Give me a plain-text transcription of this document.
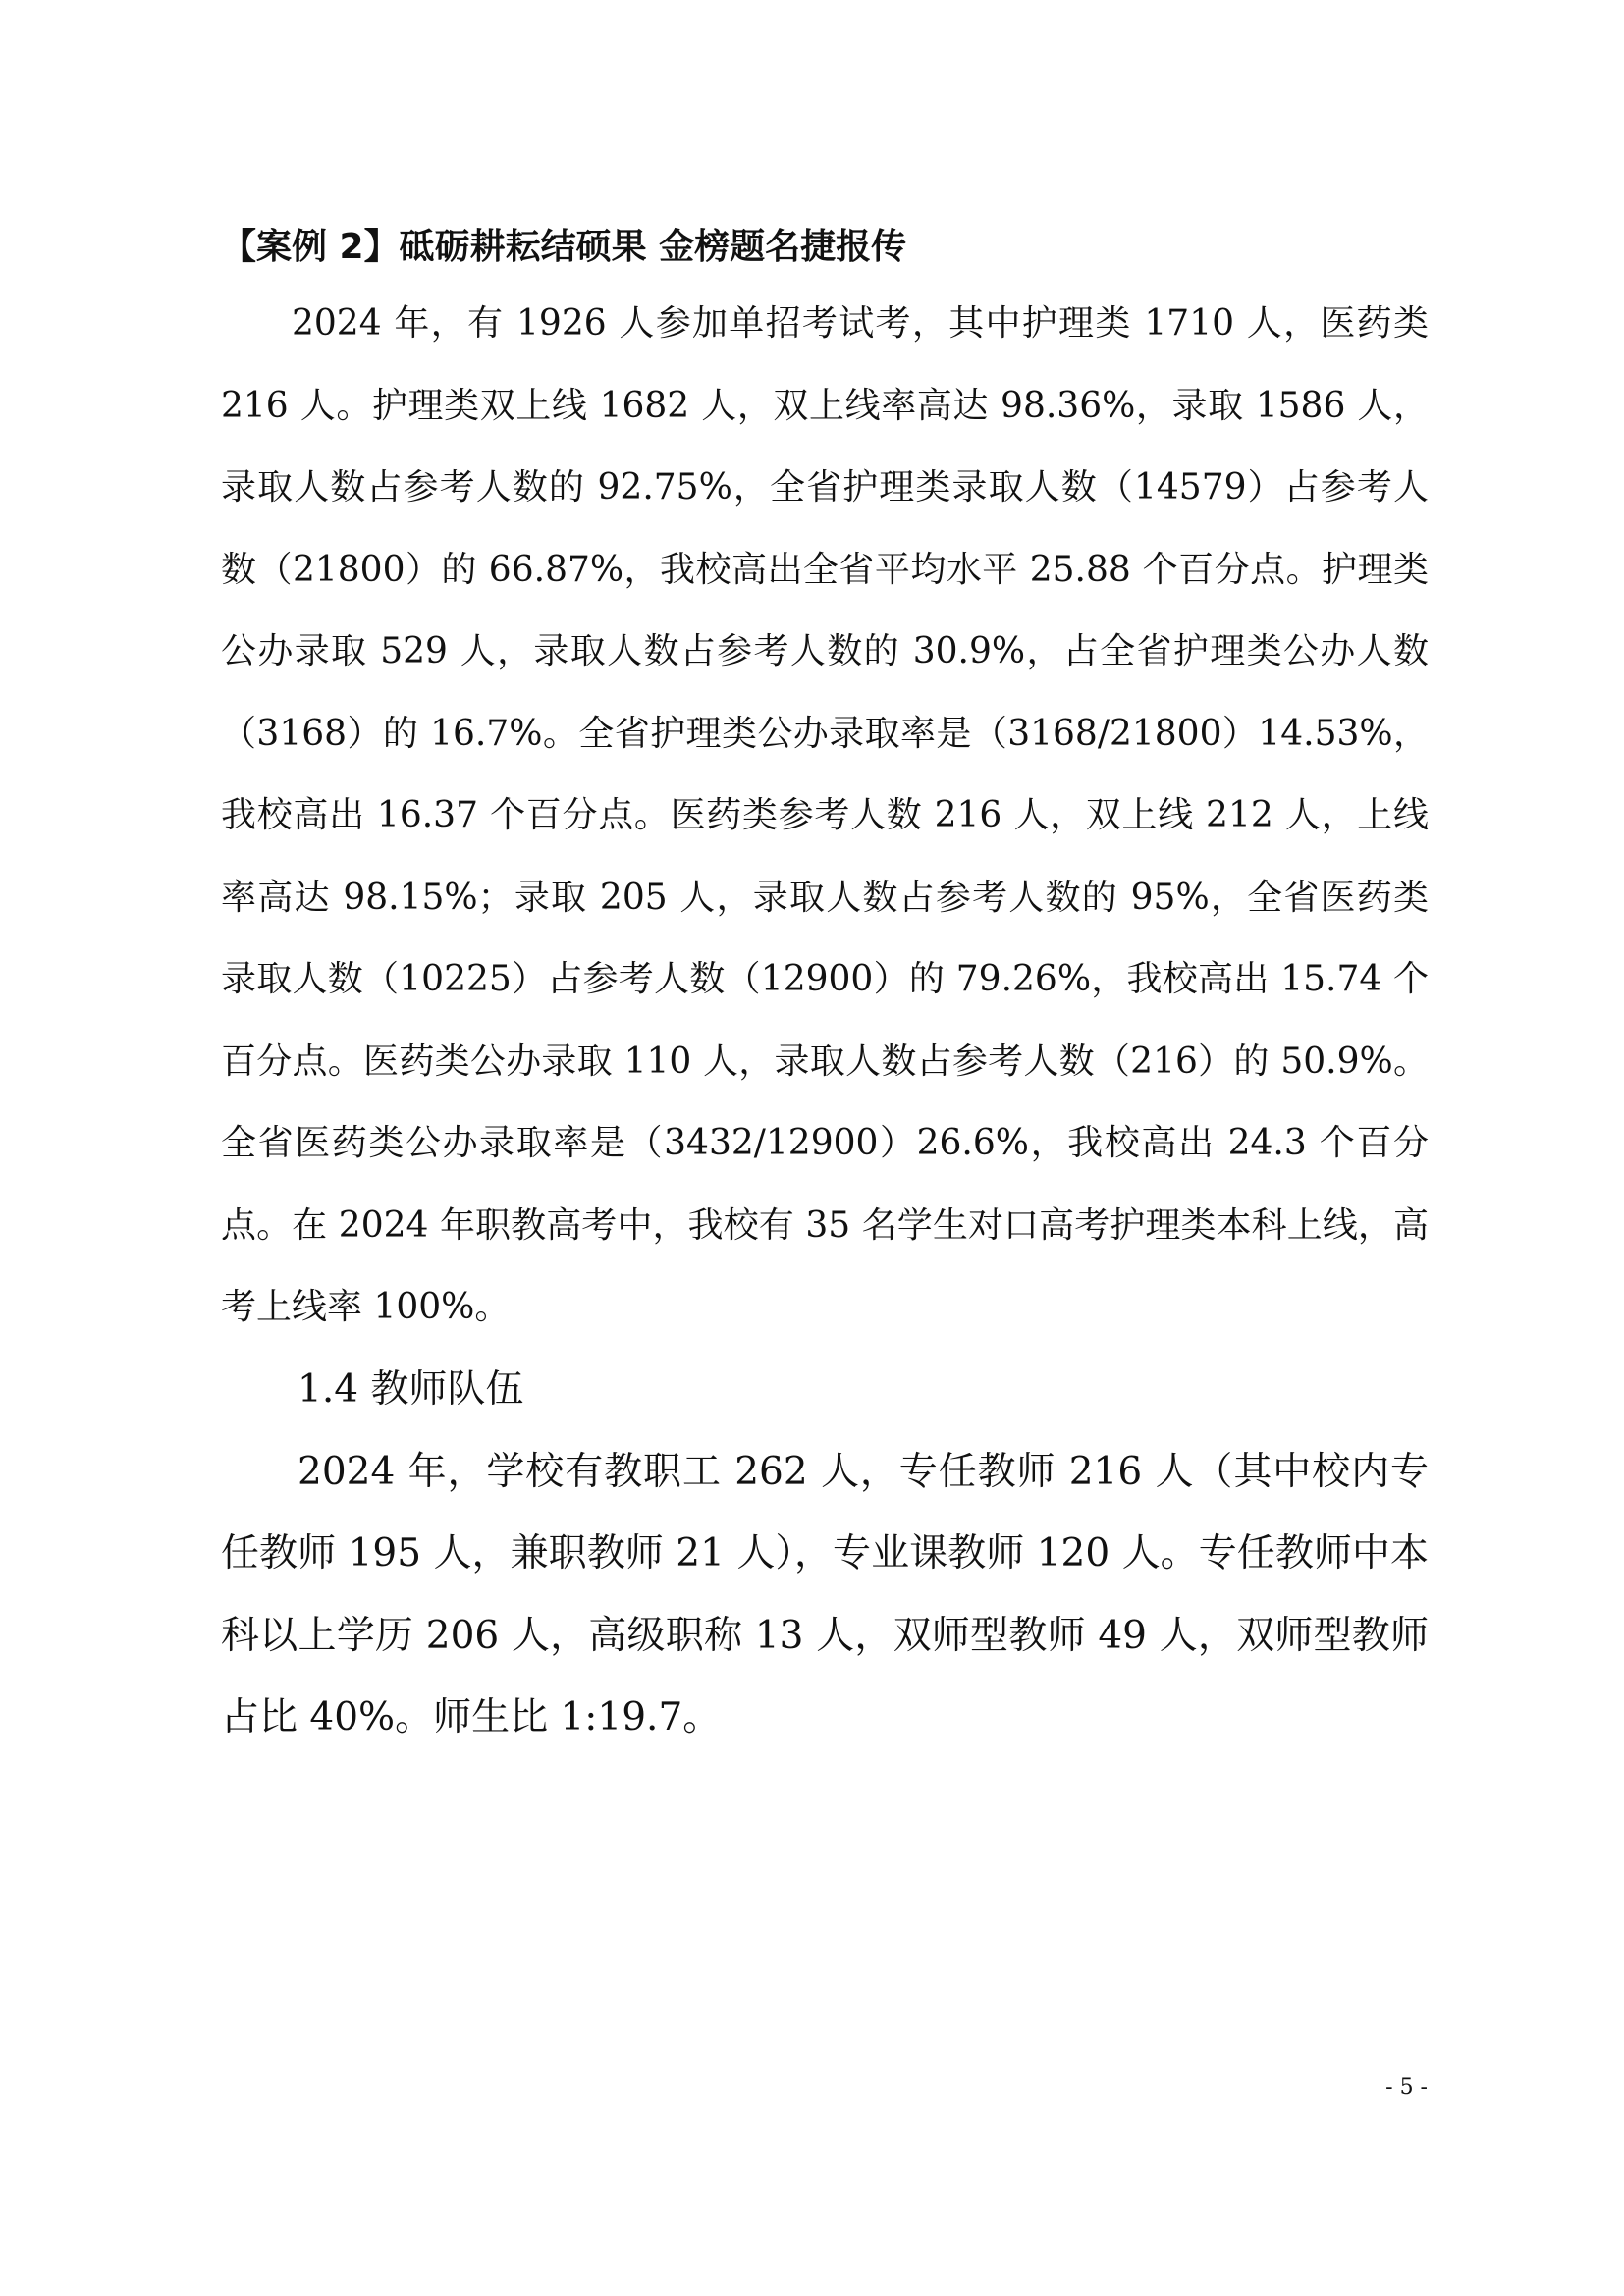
【案例 2】砥砺耕耘结硕果 金榜题名捷报传

2024 年，有 1926 人参加单招考试考，其中护理类 1710 人，医药类 216 人。护理类双上线 1682 人，双上线率高达 98.36%，录取 1586 人，录取人数占参考人数的 92.75%，全省护理类录取人数（14579）占参考人数（21800）的 66.87%，我校高出全省平均水平 25.88 个百分点。护理类公办录取 529 人，录取人数占参考人数的 30.9%，占全省护理类公办人数（3168）的 16.7%。全省护理类公办录取率是（3168/21800）14.53%，我校高出 16.37 个百分点。医药类参考人数 216 人，双上线 212 人，上线率高达 98.15%；录取 205 人，录取人数占参考人数的 95%，全省医药类录取人数（10225）占参考人数（12900）的 79.26%，我校高出 15.74 个百分点。医药类公办录取 110 人，录取人数占参考人数（216）的 50.9%。全省医药类公办录取率是（3432/12900）26.6%，我校高出 24.3 个百分点。在 2024 年职教高考中，我校有 35 名学生对口高考护理类本科上线，高考上线率 100%。

1.4 教师队伍

2024 年，学校有教职工 262 人，专任教师 216 人（其中校内专任教师 195 人，兼职教师 21 人），专业课教师 120 人。专任教师中本科以上学历 206 人，高级职称 13 人，双师型教师 49 人，双师型教师占比 40%。师生比 1:19.7。

- 5 -
